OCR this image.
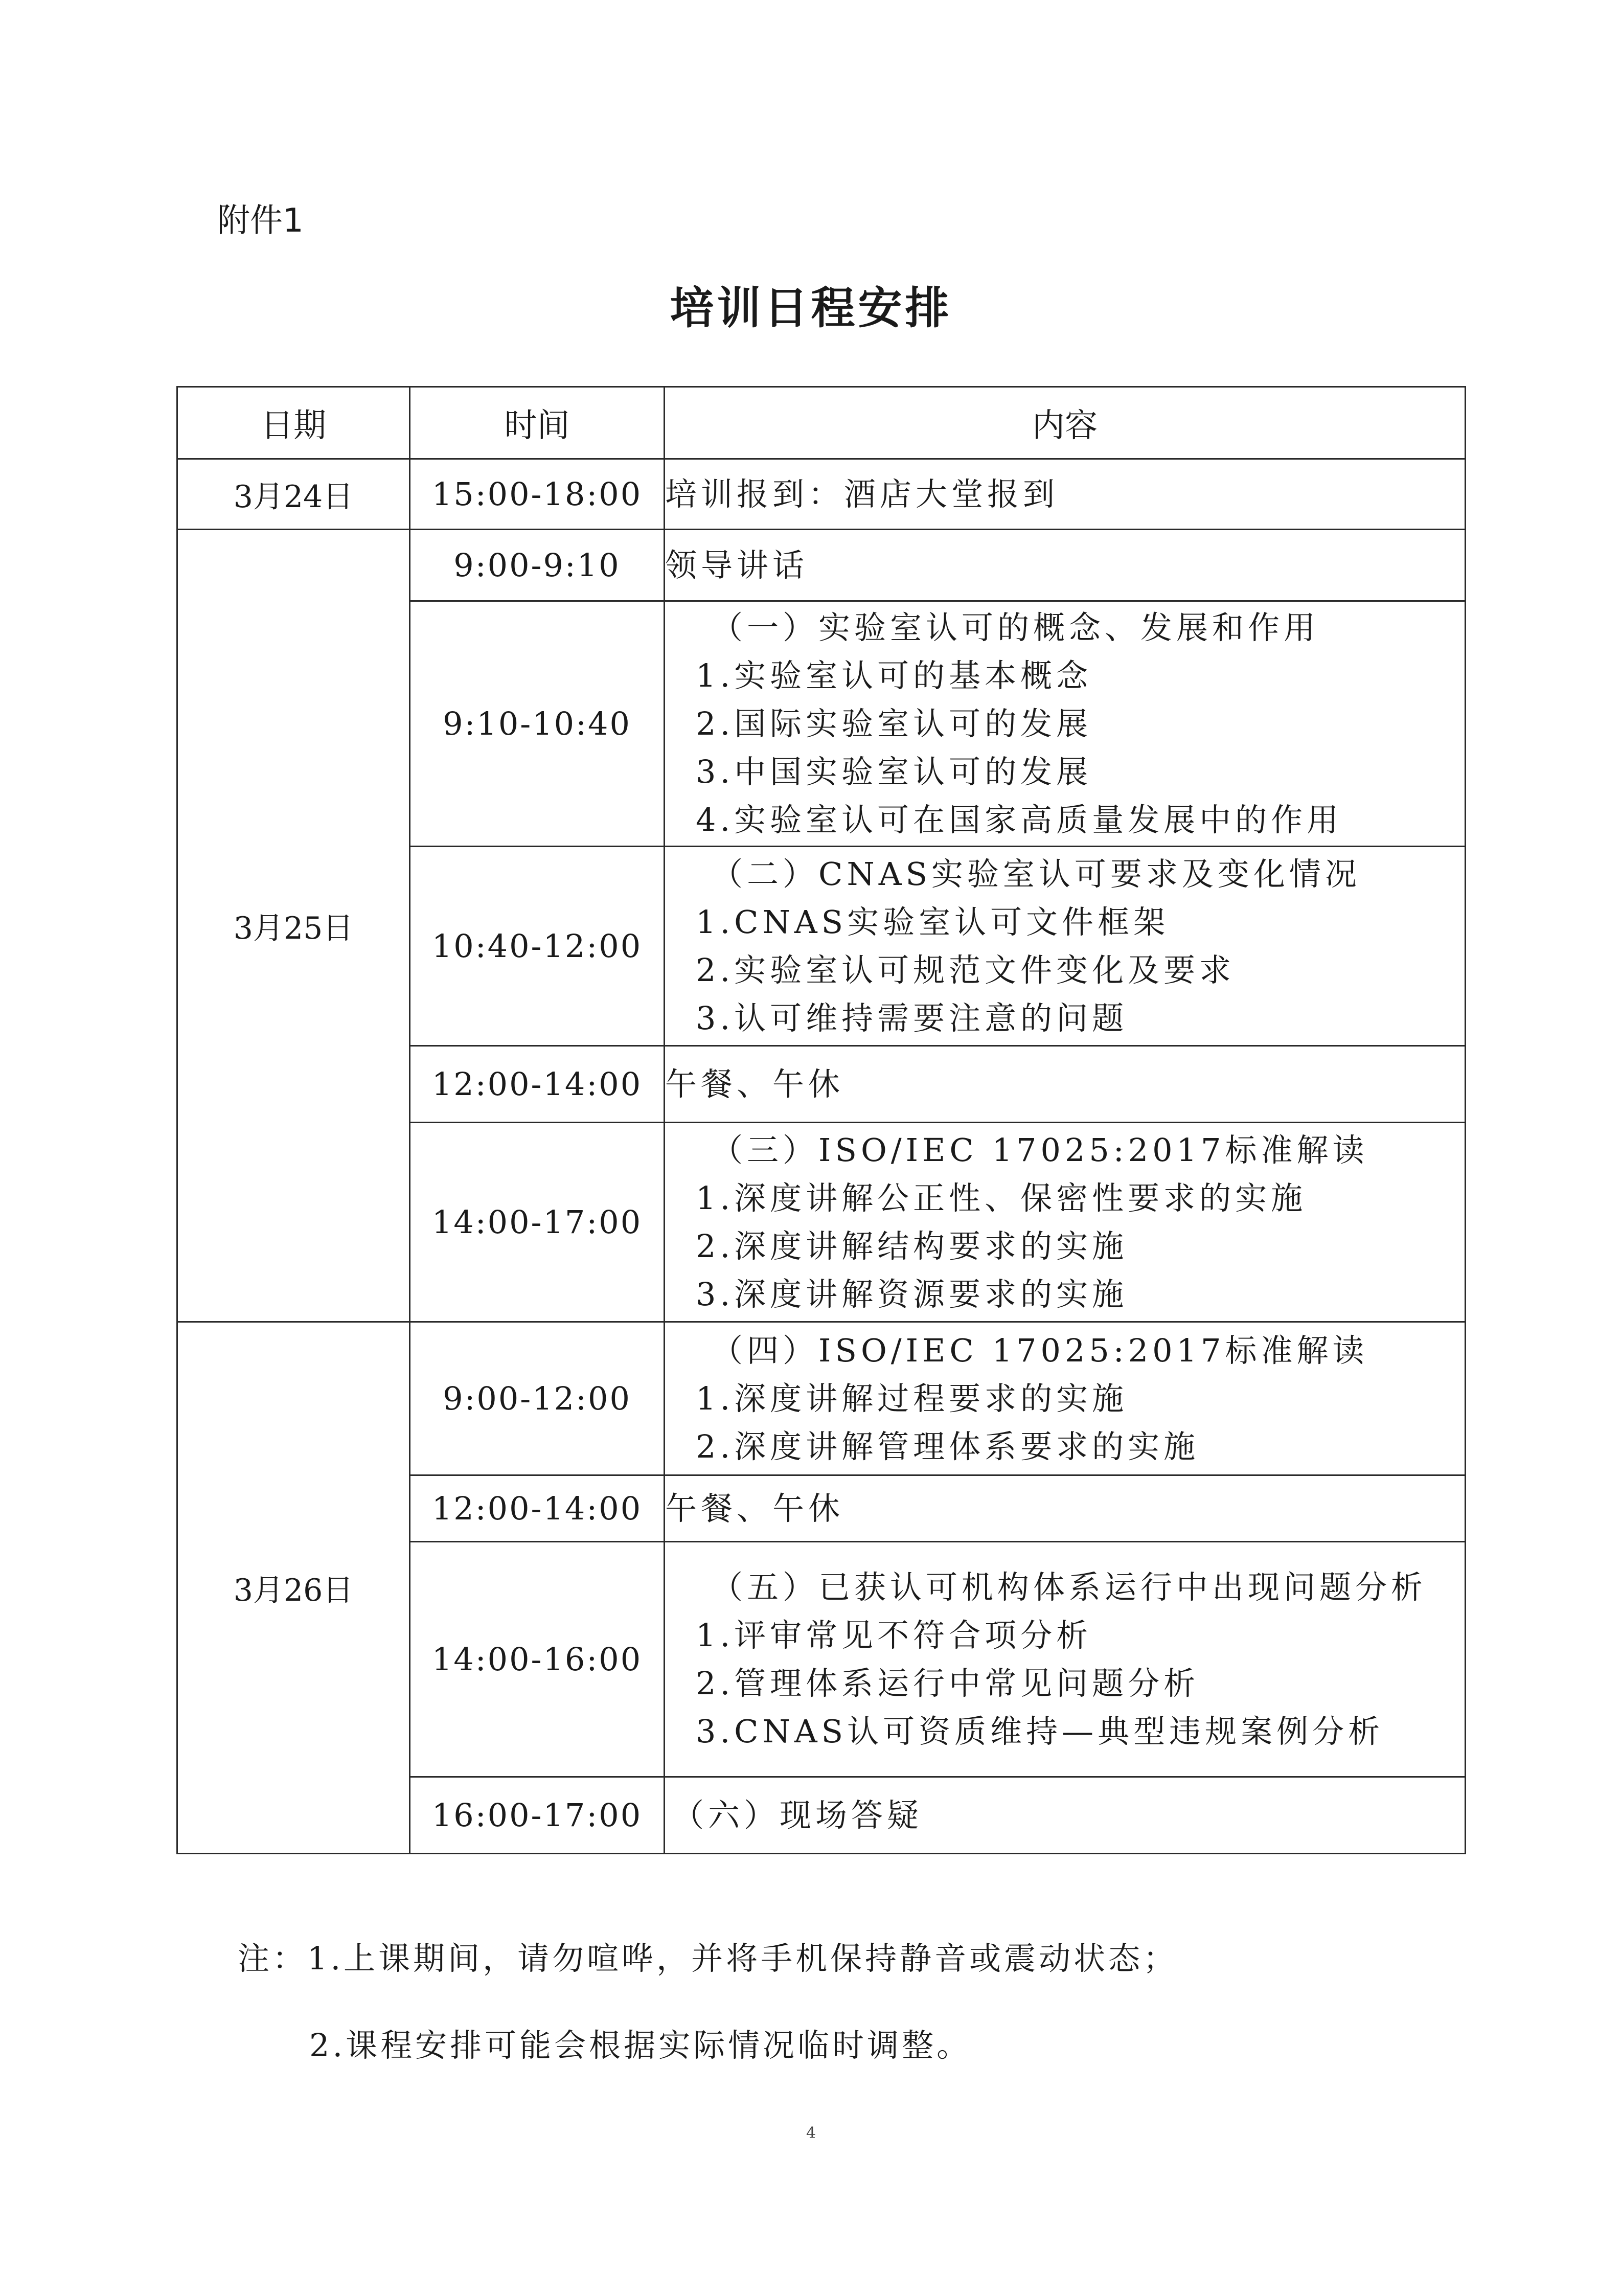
附件1
培训日程安排
日期	时间	内容
3月24日	15:00-18:00	培训报到：酒店大堂报到

3月25日	9:00-9:10	领导讲话

	9:10-10:40	（一）实验室认可的概念、发展和作用
1.实验室认可的基本概念
2.国际实验室认可的发展
3.中国实验室认可的发展
4.实验室认可在国家高质量发展中的作用

	10:40-12:00	（二）CNAS实验室认可要求及变化情况
1.CNAS实验室认可文件框架
2.实验室认可规范文件变化及要求
3.认可维持需要注意的问题

	12:00-14:00	午餐、午休

	14:00-17:00	（三）ISO/IEC 17025:2017标准解读
1.深度讲解公正性、保密性要求的实施
2.深度讲解结构要求的实施
3.深度讲解资源要求的实施

3月26日	9:00-12:00	（四）ISO/IEC 17025:2017标准解读
1.深度讲解过程要求的实施
2.深度讲解管理体系要求的实施

	12:00-14:00	午餐、午休

	14:00-16:00	（五）已获认可机构体系运行中出现问题分析
1.评审常见不符合项分析
2.管理体系运行中常见问题分析
3.CNAS认可资质维持—典型违规案例分析

	16:00-17:00	（六）现场答疑
注：1.上课期间，请勿喧哗，并将手机保持静音或震动状态；
2.课程安排可能会根据实际情况临时调整。
4
